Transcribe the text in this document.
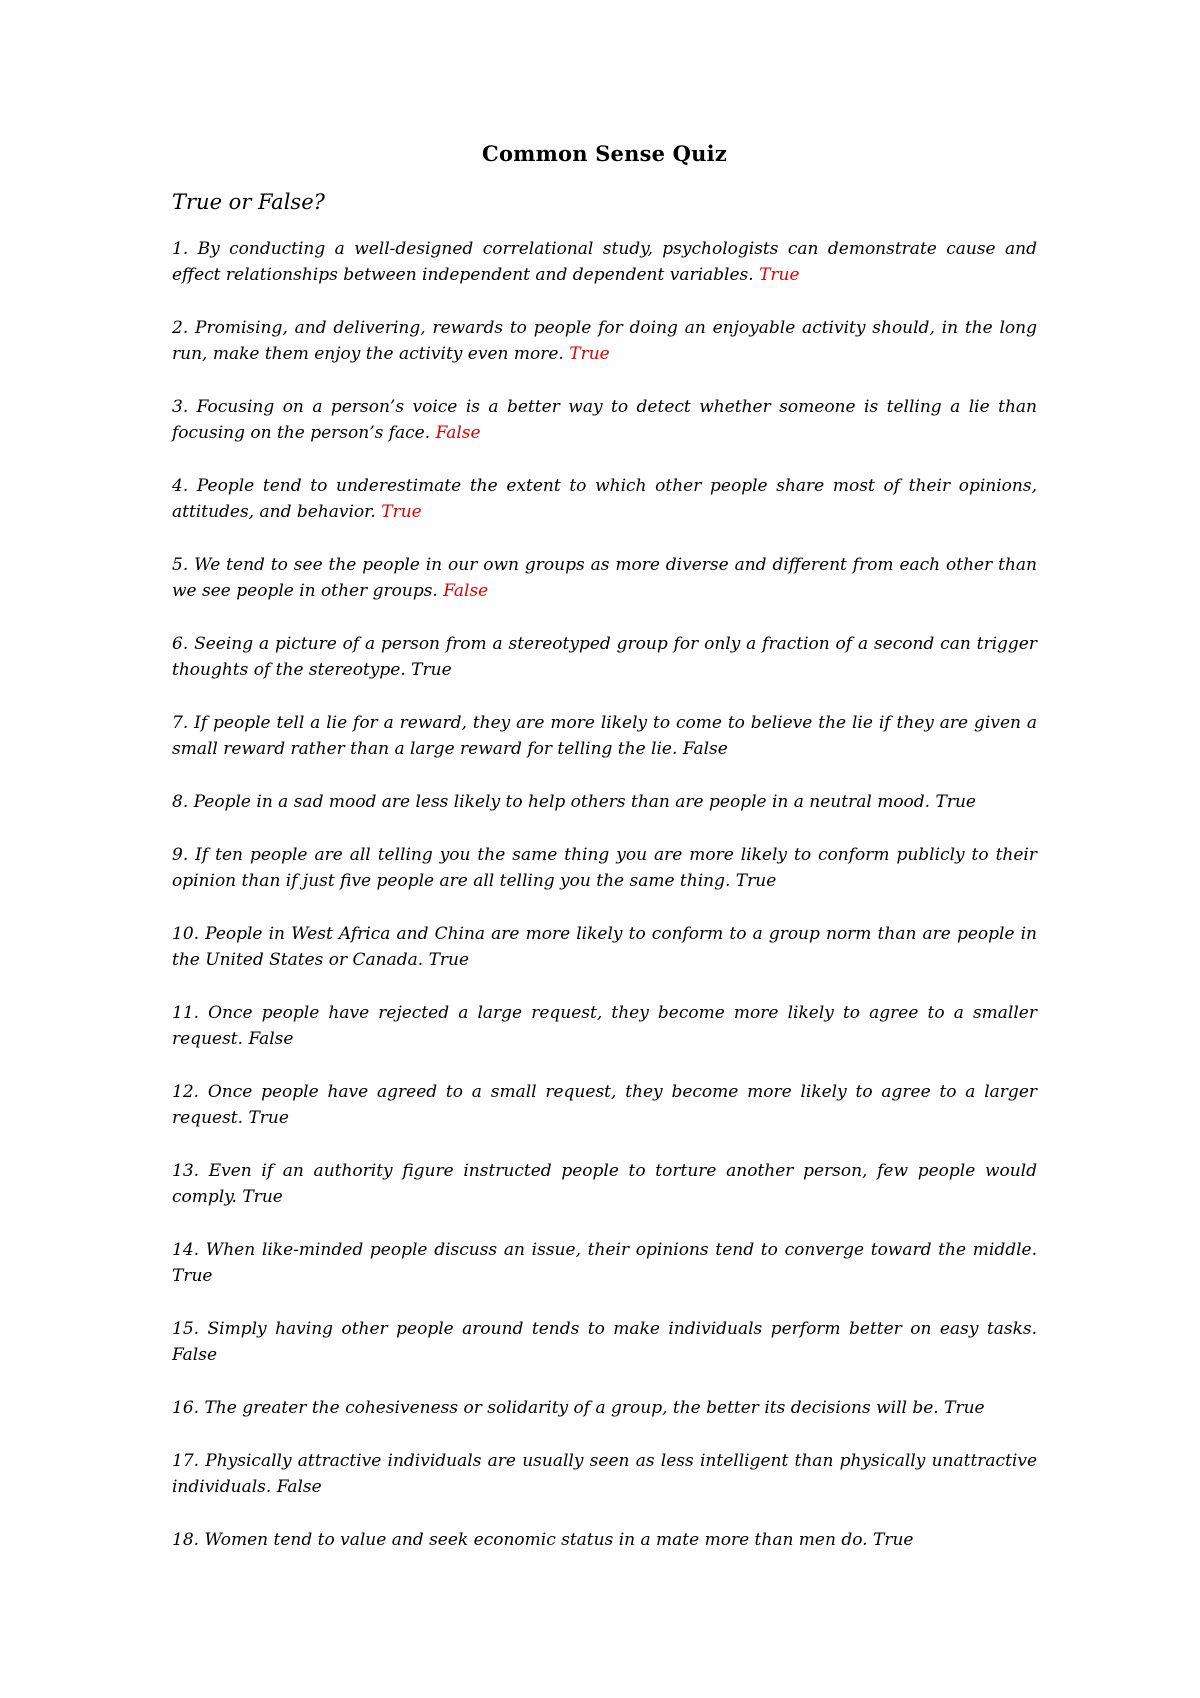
Common Sense Quiz

True or False?

1. By conducting a well-designed correlational study, psychologists can demonstrate cause and effect relationships between independent and dependent variables. True
2. Promising, and delivering, rewards to people for doing an enjoyable activity should, in the long run, make them enjoy the activity even more. True
3. Focusing on a person’s voice is a better way to detect whether someone is telling a lie than focusing on the person’s face. False
4. People tend to underestimate the extent to which other people share most of their opinions, attitudes, and behavior. True
5. We tend to see the people in our own groups as more diverse and different from each other than we see people in other groups. False
6. Seeing a picture of a person from a stereotyped group for only a fraction of a second can trigger thoughts of the stereotype. True
7. If people tell a lie for a reward, they are more likely to come to believe the lie if they are given a small reward rather than a large reward for telling the lie. False
8. People in a sad mood are less likely to help others than are people in a neutral mood. True
9. If ten people are all telling you the same thing you are more likely to conform publicly to their opinion than if just five people are all telling you the same thing. True
10. People in West Africa and China are more likely to conform to a group norm than are people in the United States or Canada. True
11. Once people have rejected a large request, they become more likely to agree to a smaller request. False
12. Once people have agreed to a small request, they become more likely to agree to a larger request. True
13. Even if an authority figure instructed people to torture another person, few people would comply. True
14. When like-minded people discuss an issue, their opinions tend to converge toward the middle. True
15. Simply having other people around tends to make individuals perform better on easy tasks. False
16. The greater the cohesiveness or solidarity of a group, the better its decisions will be. True
17. Physically attractive individuals are usually seen as less intelligent than physically unattractive individuals. False
18. Women tend to value and seek economic status in a mate more than men do. True
